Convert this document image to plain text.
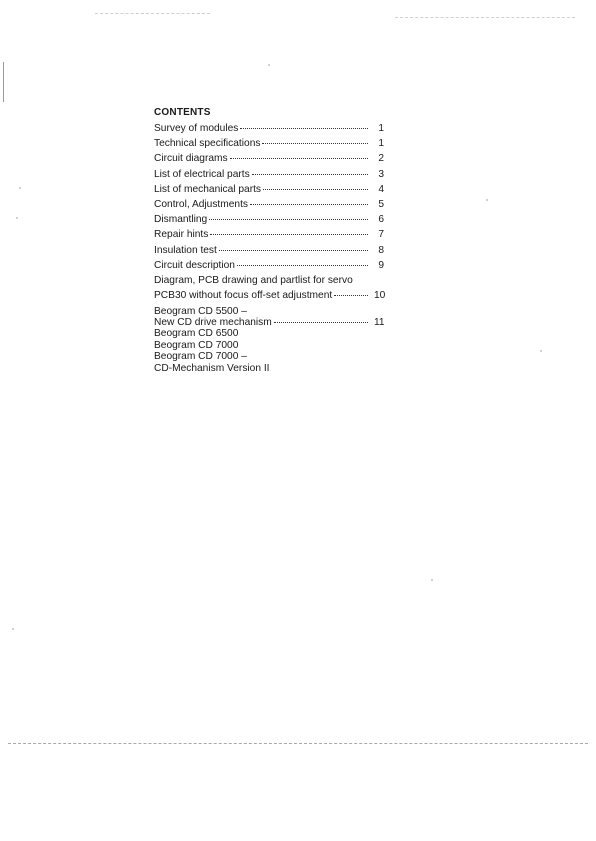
CONTENTS
Survey of modules	1
Technical specifications	1
Circuit diagrams	2
List of electrical parts	3
List of mechanical parts	4
Control, Adjustments	5
Dismantling	6
Repair hints	7
Insulation test	8
Circuit description	9
Diagram, PCB drawing and partlist for servo
PCB30 without focus off-set adjustment	10
Beogram CD 5500 –
New CD drive mechanism	11
Beogram CD 6500
Beogram CD 7000
Beogram CD 7000 –
CD-Mechanism Version II
